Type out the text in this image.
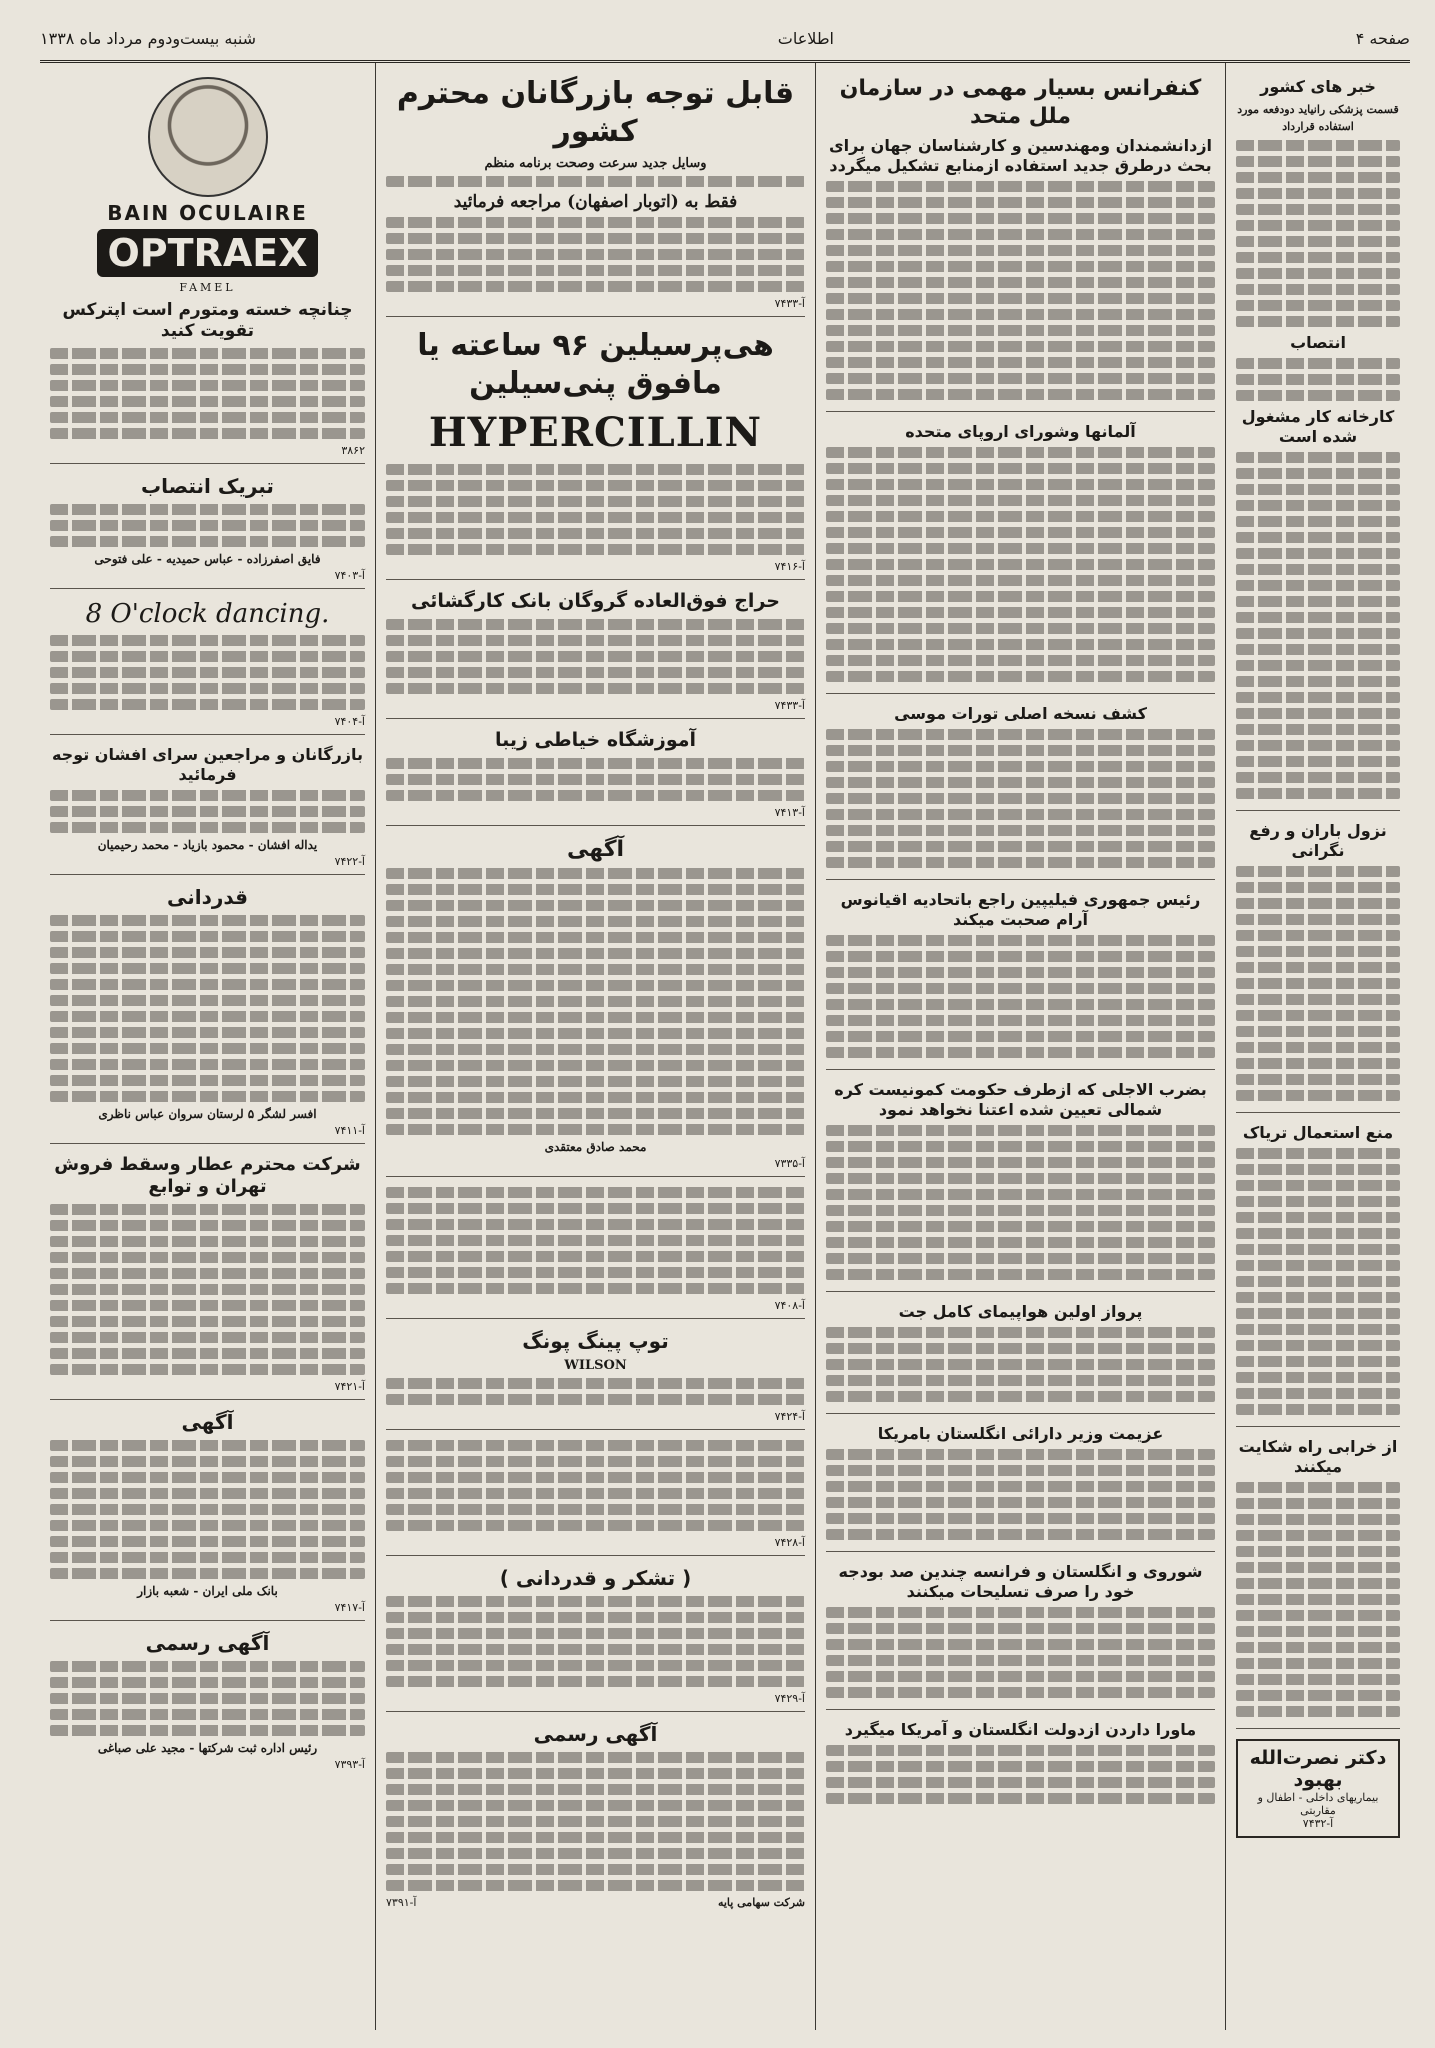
صفحه ۴
اطلاعات
شنبه بیست‌ودوم مرداد ماه ۱۳۳۸
خبر های کشور

قسمت پزشکی رانیاید دودفعه مورد استفاده قرارداد

انتصاب
کارخانه کار مشغول شده است
نزول باران و رفع نگرانی
منع استعمال تریاک
از خرابی راه شکایت میکنند
دکتر نصرت‌الله بهبود
بیماریهای داخلی - اطفال و مقاربتی
آ-۷۴۳۲
کنفرانس بسیار مهمی در سازمان ملل متحد
ازدانشمندان ومهندسین و کارشناسان جهان برای بحث درطرق جدید استفاده ازمنابع تشکیل میگردد
آلمانها وشورای اروپای متحده
کشف نسخه اصلی تورات موسی
رئیس جمهوری فیلیپین راجع باتحادیه اقیانوس آرام صحبت میکند
بضرب الاجلی که ازطرف حکومت کمونیست کره شمالی تعیین شده اعتنا نخواهد نمود
پرواز اولین هواپیمای کامل جت
عزیمت وزیر دارائی انگلستان بامریکا
شوروی و انگلستان و فرانسه چندین صد بودجه خود را صرف تسلیحات میکنند
ماورا داردن ازدولت انگلستان و آمریکا میگیرد
قابل توجه بازرگانان محترم کشور
وسایل جدید سرعت وصحت برنامه منظم
فقط به (اتوبار اصفهان) مراجعه فرمائید
آ-۷۴۳۳
هی‌پرسیلین ۹۶ ساعته یا مافوق پنی‌سیلین
HYPERCILLIN
آ-۷۴۱۶
حراج فوق‌العاده گروگان بانک کارگشائی
آ-۷۴۳۳
آموزشگاه خیاطی زیبا
آ-۷۴۱۳
آگهی
محمد صادق معتقدی
آ-۷۳۳۵
آ-۷۴۰۸
توپ پینگ پونگ
WILSON
آ-۷۴۲۴
آ-۷۴۲۸
( تشکر و قدردانی )
آ-۷۴۲۹
آگهی رسمی
شرکت سهامی پایه
آ-۷۳۹۱
BAIN OCULAIRE
OPTRAEX
FAMEL
چنانچه خسته ومتورم است اپترکس تقویت کنید
۳۸۶۲
تبریک انتصاب
فایق اصفرزاده - عباس حمیدیه - علی فتوحی
آ-۷۴۰۳
8 O'clock dancing.
آ-۷۴۰۴
بازرگانان و مراجعین سرای افشان توجه فرمائید
یداله افشان - محمود بازیاد - محمد رحیمیان
آ-۷۴۲۲
قدردانی
افسر لشگر ۵ لرستان سروان عباس ناظری
آ-۷۴۱۱
شرکت محترم عطار وسقط فروش تهران و توابع
آ-۷۴۲۱
آگهی
بانک ملی ایران - شعبه بازار
آ-۷۴۱۷
آگهی رسمی
رئیس اداره ثبت شرکتها - مجید علی صباغی
آ-۷۳۹۳
